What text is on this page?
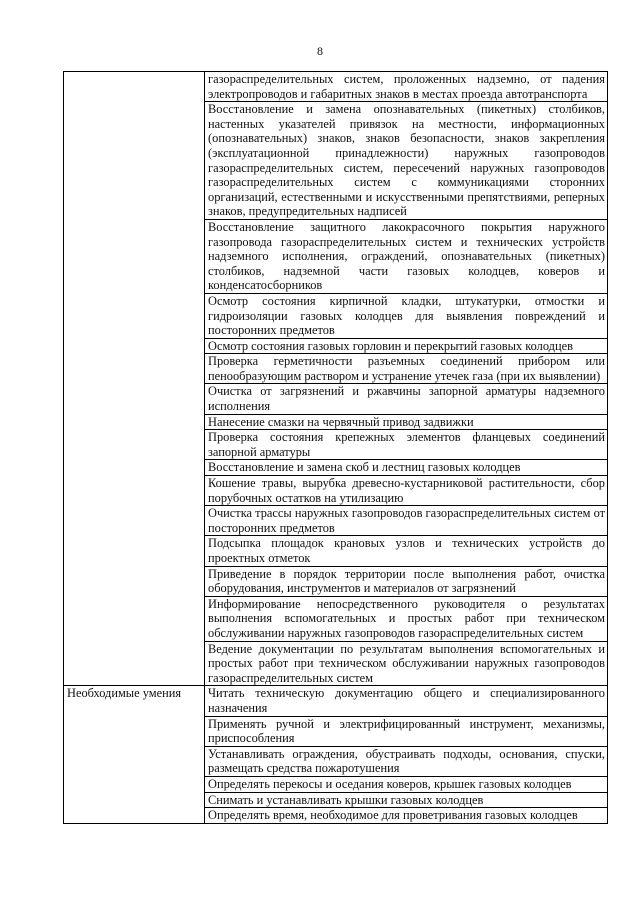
8
	газораспределительных систем, проложенных надземно, от падения электропроводов и габаритных знаков в местах проезда автотранспорта
	Восстановление и замена опознавательных (пикетных) столбиков, настенных указателей привязок на местности, информационных (опознавательных) знаков, знаков безопасности, знаков закрепления (эксплуатационной принадлежности) наружных газопроводов газораспределительных систем, пересечений наружных газопроводов газораспределительных систем с коммуникациями сторонних организаций, естественными и искусственными препятствиями, реперных знаков, предупредительных надписей
	Восстановление защитного лакокрасочного покрытия наружного газопровода газораспределительных систем и технических устройств надземного исполнения, ограждений, опознавательных (пикетных) столбиков, надземной части газовых колодцев, коверов и конденсатосборников
	Осмотр состояния кирпичной кладки, штукатурки, отмостки и гидроизоляции газовых колодцев для выявления повреждений и посторонних предметов
	Осмотр состояния газовых горловин и перекрытий газовых колодцев
	Проверка герметичности разъемных соединений прибором или пенообразующим раствором и устранение утечек газа (при их выявлении)
	Очистка от загрязнений и ржавчины запорной арматуры надземного исполнения
	Нанесение смазки на червячный привод задвижки
	Проверка состояния крепежных элементов фланцевых соединений запорной арматуры
	Восстановление и замена скоб и лестниц газовых колодцев
	Кошение травы, вырубка древесно-кустарниковой растительности, сбор порубочных остатков на утилизацию
	Очистка трассы наружных газопроводов газораспределительных систем от посторонних предметов
	Подсыпка площадок крановых узлов и технических устройств до проектных отметок
	Приведение в порядок территории после выполнения работ, очистка оборудования, инструментов и материалов от загрязнений
	Информирование непосредственного руководителя о результатах выполнения вспомогательных и простых работ при техническом обслуживании наружных газопроводов газораспределительных систем
	Ведение документации по результатам выполнения вспомогательных и простых работ при техническом обслуживании наружных газопроводов газораспределительных систем
Необходимые умения	Читать техническую документацию общего и специализированного назначения
	Применять ручной и электрифицированный инструмент, механизмы, приспособления
	Устанавливать ограждения, обустраивать подходы, основания, спуски, размещать средства пожаротушения
	Определять перекосы и оседания коверов, крышек газовых колодцев
	Снимать и устанавливать крышки газовых колодцев
	Определять время, необходимое для проветривания газовых колодцев
